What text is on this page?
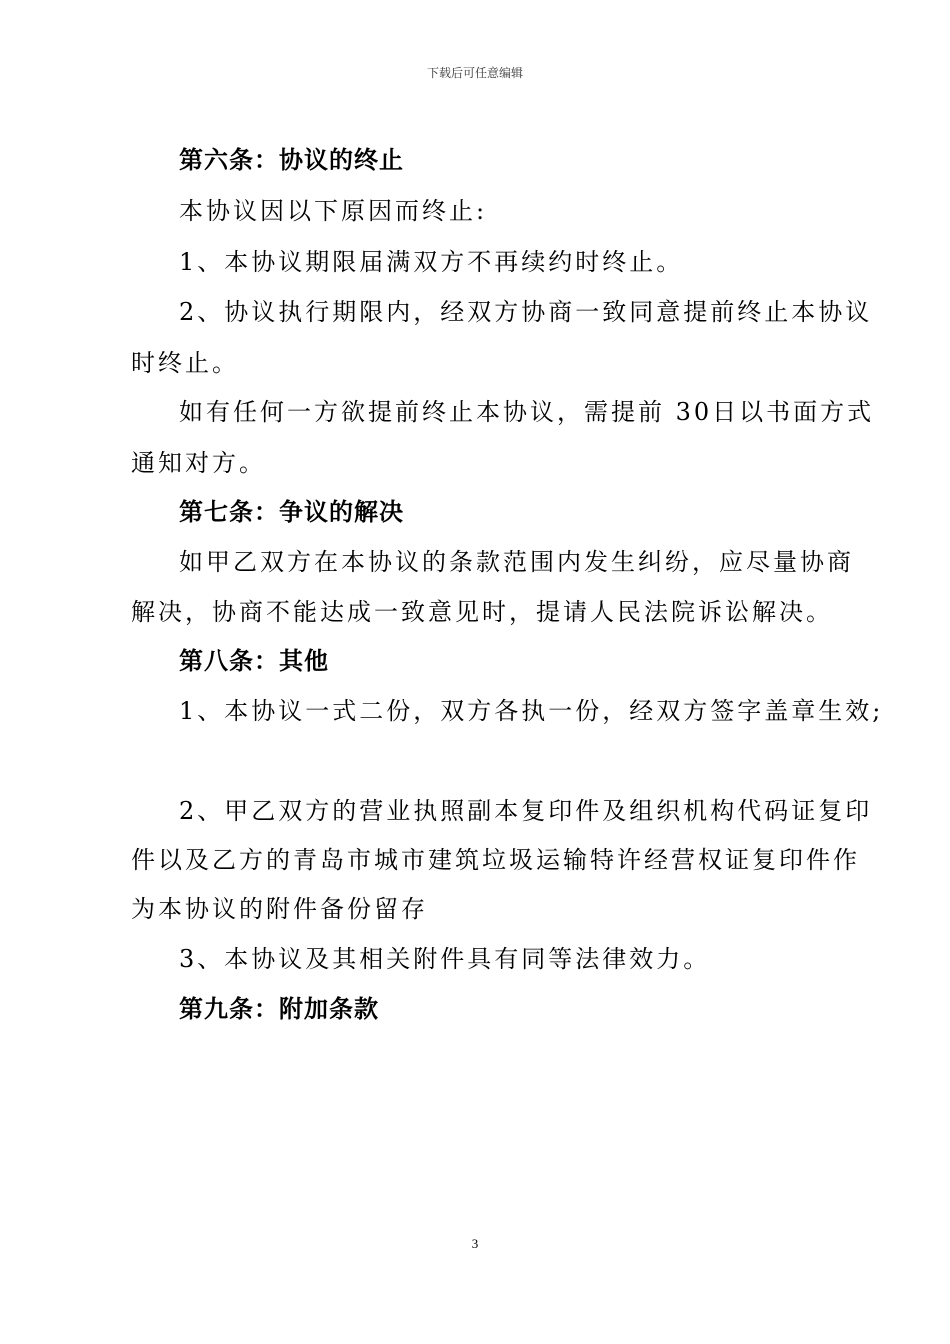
下载后可任意编辑
第六条：协议的终止
本协议因以下原因而终止:
1、本协议期限届满双方不再续约时终止。
2、协议执行期限内，经双方协商一致同意提前终止本协议
时终止。
如有任何一方欲提前终止本协议，需提前 30日以书面方式
通知对方。
第七条：争议的解决
如甲乙双方在本协议的条款范围内发生纠纷，应尽量协商
解决，协商不能达成一致意见时，提请人民法院诉讼解决。
第八条：其他
1、本协议一式二份，双方各执一份，经双方签字盖章生效;
2、甲乙双方的营业执照副本复印件及组织机构代码证复印
件以及乙方的青岛市城市建筑垃圾运输特许经营权证复印件作
为本协议的附件备份留存
3、本协议及其相关附件具有同等法律效力。
第九条：附加条款
3
